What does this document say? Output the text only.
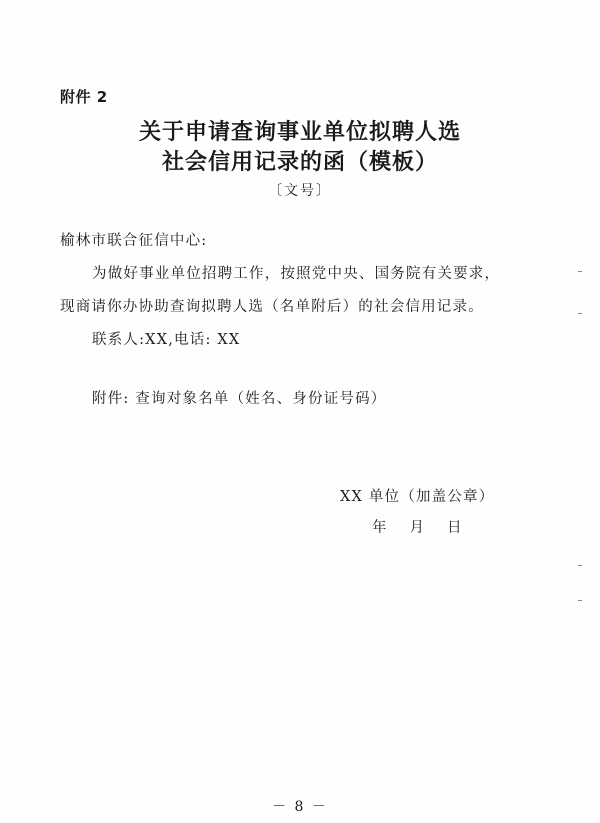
附件 2
关于申请查询事业单位拟聘人选
社会信用记录的函（模板）
〔文号〕
榆林市联合征信中心:
为做好事业单位招聘工作，按照党中央、国务院有关要求，
现商请你办协助查询拟聘人选（名单附后）的社会信用记录。
联系人:XX,电话: XX
附件: 查询对象名单（姓名、身份证号码）
XX 单位（加盖公章）
年 月 日
－ 8 －
